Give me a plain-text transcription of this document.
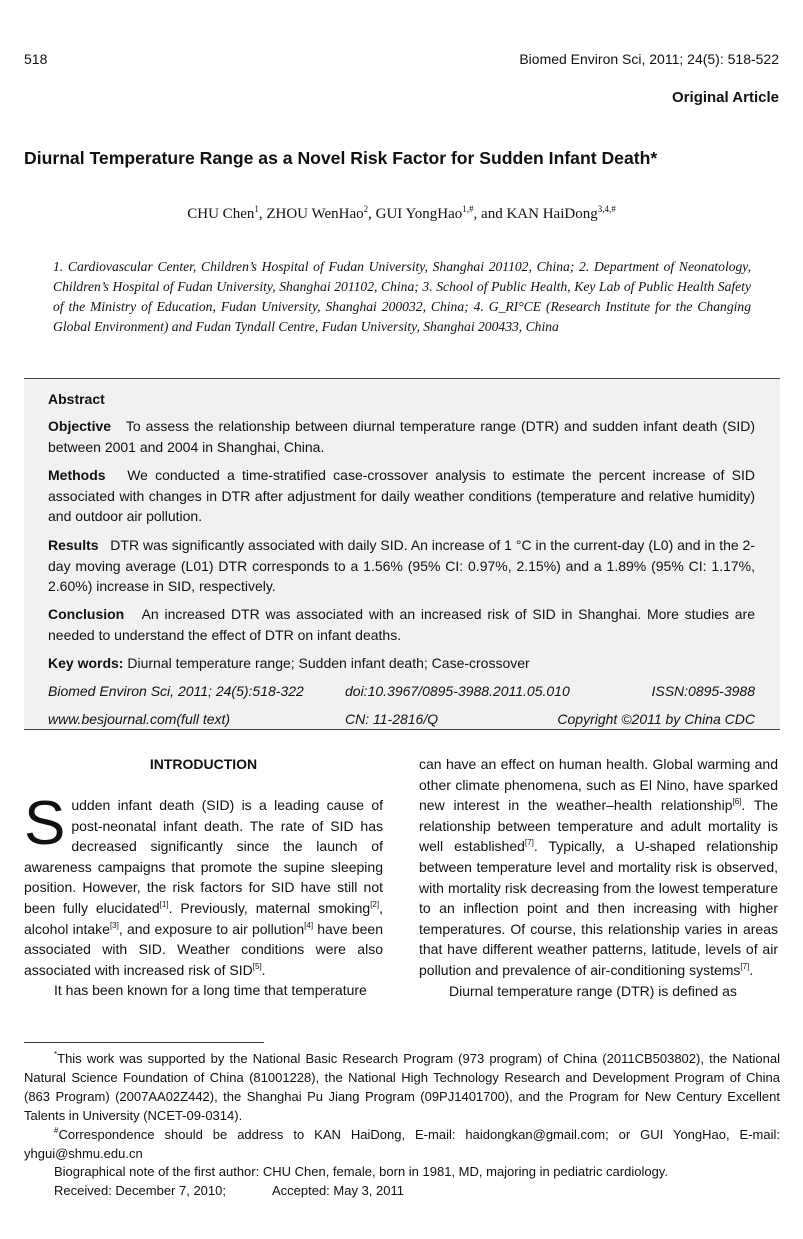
518	Biomed Environ Sci, 2011; 24(5): 518-522
Original Article
Diurnal Temperature Range as a Novel Risk Factor for Sudden Infant Death*
CHU Chen$^1$, ZHOU WenHao$^2$, GUI YongHao$^{1,\#}$, and KAN HaiDong$^{3,4,\#}$
1. Cardiovascular Center, Children’s Hospital of Fudan University, Shanghai 201102, China; 2. Department of Neonatology, Children’s Hospital of Fudan University, Shanghai 201102, China; 3. School of Public Health, Key Lab of Public Health Safety of the Ministry of Education, Fudan University, Shanghai 200032, China; 4. G_RI°CE (Research Institute for the Changing Global Environment) and Fudan Tyndall Centre, Fudan University, Shanghai 200433, China
Abstract
Objective To assess the relationship between diurnal temperature range (DTR) and sudden infant death (SID) between 2001 and 2004 in Shanghai, China.
Methods We conducted a time-stratified case-crossover analysis to estimate the percent increase of SID associated with changes in DTR after adjustment for daily weather conditions (temperature and relative humidity) and outdoor air pollution.
Results DTR was significantly associated with daily SID. An increase of 1 °C in the current-day (L0) and in the 2-day moving average (L01) DTR corresponds to a 1.56% (95% CI: 0.97%, 2.15%) and a 1.89% (95% CI: 1.17%, 2.60%) increase in SID, respectively.
Conclusion An increased DTR was associated with an increased risk of SID in Shanghai. More studies are needed to understand the effect of DTR on infant deaths.
Key words: Diurnal temperature range; Sudden infant death; Case-crossover
Biomed Environ Sci, 2011; 24(5):518-322	doi:10.3967/0895-3988.2011.05.010	ISSN:0895-3988
www.besjournal.com(full text)	CN: 11-2816/Q	Copyright ©2011 by China CDC
INTRODUCTION
Sudden infant death (SID) is a leading cause of post-neonatal infant death. The rate of SID has decreased significantly since the launch of awareness campaigns that promote the supine sleeping position. However, the risk factors for SID have still not been fully elucidated[1]. Previously, maternal smoking[2], alcohol intake[3], and exposure to air pollution[4] have been associated with SID. Weather conditions were also associated with increased risk of SID[5].
It has been known for a long time that temperature
can have an effect on human health. Global warming and other climate phenomena, such as El Nino, have sparked new interest in the weather–health relationship[6]. The relationship between temperature and adult mortality is well established[7]. Typically, a U-shaped relationship between temperature level and mortality risk is observed, with mortality risk decreasing from the lowest temperature to an inflection point and then increasing with higher temperatures. Of course, this relationship varies in areas that have different weather patterns, latitude, levels of air pollution and prevalence of air-conditioning systems[7].
Diurnal temperature range (DTR) is defined as
*This work was supported by the National Basic Research Program (973 program) of China (2011CB503802), the National Natural Science Foundation of China (81001228), the National High Technology Research and Development Program of China (863 Program) (2007AA02Z442), the Shanghai Pu Jiang Program (09PJ1401700), and the Program for New Century Excellent Talents in University (NCET-09-0314).
#Correspondence should be address to KAN HaiDong, E-mail: haidongkan@gmail.com; or GUI YongHao, E-mail: yhgui@shmu.edu.cn
Biographical note of the first author: CHU Chen, female, born in 1981, MD, majoring in pediatric cardiology.
Received: December 7, 2010;	Accepted: May 3, 2011
